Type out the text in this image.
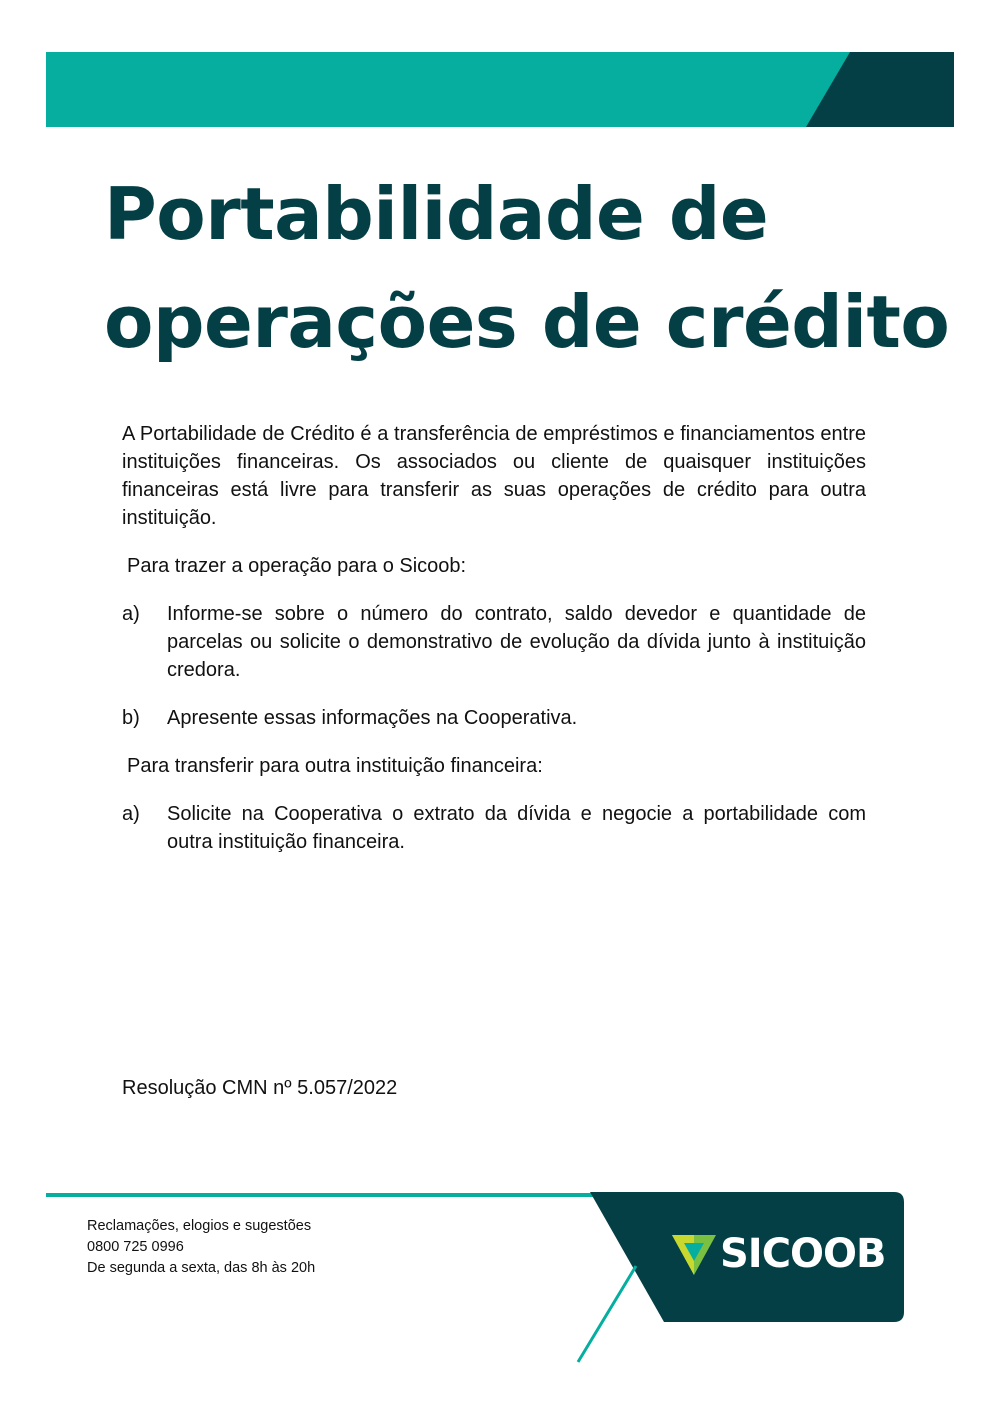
Portabilidade de
operações de crédito

A Portabilidade de Crédito é a transferência de empréstimos e financiamentos entre instituições financeiras. Os associados ou cliente de quaisquer instituições financeiras está livre para transferir as suas operações de crédito para outra instituição.

Para trazer a operação para o Sicoob:

a)	Informe-se sobre o número do contrato, saldo devedor e quantidade de parcelas ou solicite o demonstrativo de evolução da dívida junto à instituição credora.
b)	Apresente essas informações na Cooperativa.

Para transferir para outra instituição financeira:

a)	Solicite na Cooperativa o extrato da dívida e negocie a portabilidade com outra instituição financeira.

Resolução CMN nº 5.057/2022

Reclamações, elogios e sugestões
0800 725 0996
De segunda a sexta, das 8h às 20h	SICOOB
